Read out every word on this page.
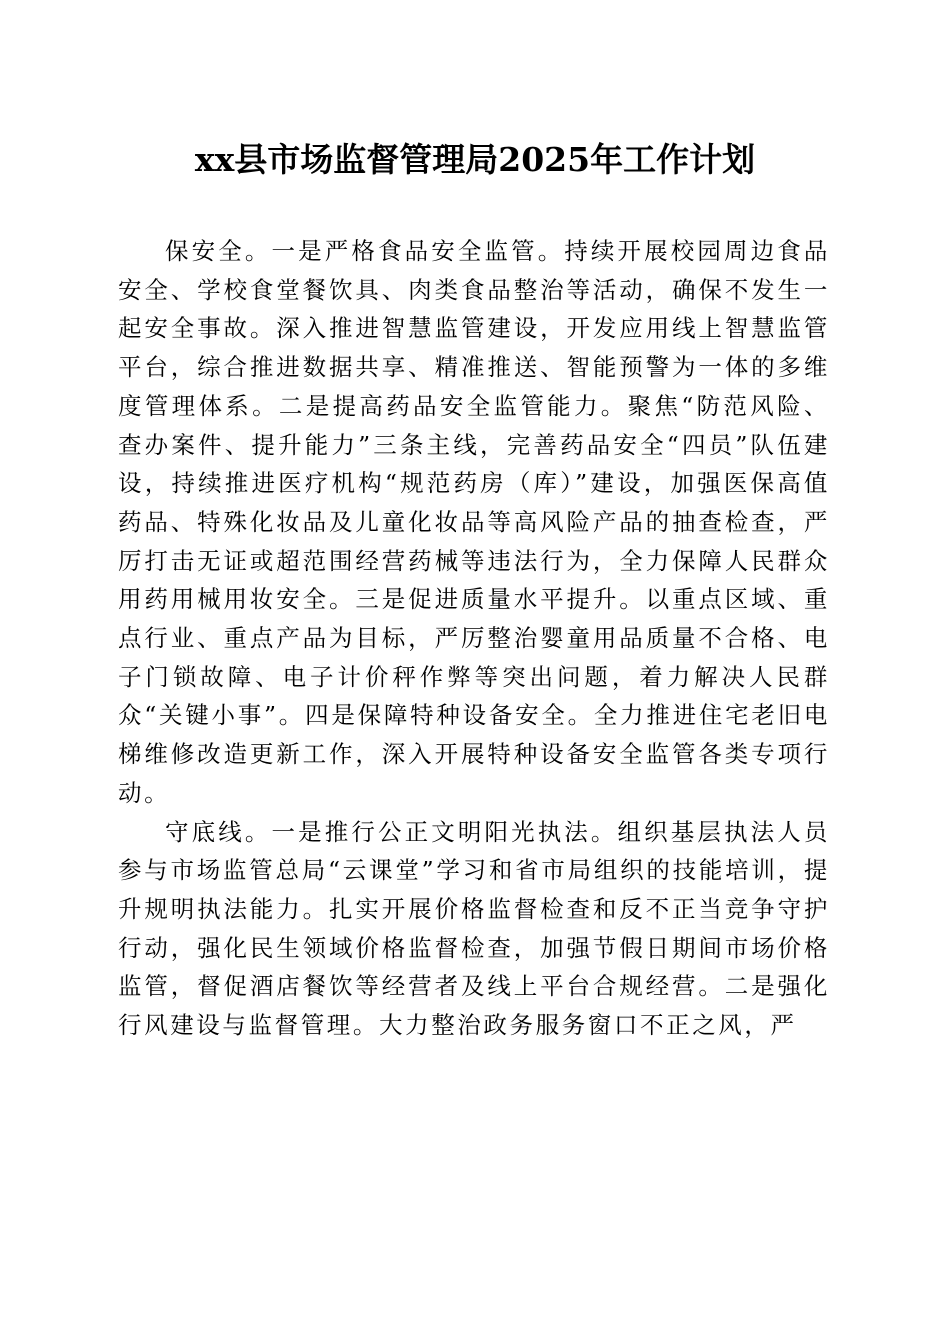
xx县市场监督管理局2025年工作计划

保安全。一是严格食品安全监管。持续开展校园周边食品安全、学校食堂餐饮具、肉类食品整治等活动，确保不发生一起安全事故。深入推进智慧监管建设，开发应用线上智慧监管平台，综合推进数据共享、精准推送、智能预警为一体的多维度管理体系。二是提高药品安全监管能力。聚焦“防范风险、查办案件、提升能力”三条主线，完善药品安全“四员”队伍建设，持续推进医疗机构“规范药房（库）”建设，加强医保高值药品、特殊化妆品及儿童化妆品等高风险产品的抽查检查，严厉打击无证或超范围经营药械等违法行为，全力保障人民群众用药用械用妆安全。三是促进质量水平提升。以重点区域、重点行业、重点产品为目标，严厉整治婴童用品质量不合格、电子门锁故障、电子计价秤作弊等突出问题，着力解决人民群众“关键小事”。四是保障特种设备安全。全力推进住宅老旧电梯维修改造更新工作，深入开展特种设备安全监管各类专项行动。

守底线。一是推行公正文明阳光执法。组织基层执法人员参与市场监管总局“云课堂”学习和省市局组织的技能培训，提升规明执法能力。扎实开展价格监督检查和反不正当竞争守护行动，强化民生领域价格监督检查，加强节假日期间市场价格监管，督促酒店餐饮等经营者及线上平台合规经营。二是强化行风建设与监督管理。大力整治政务服务窗口不正之风，严
